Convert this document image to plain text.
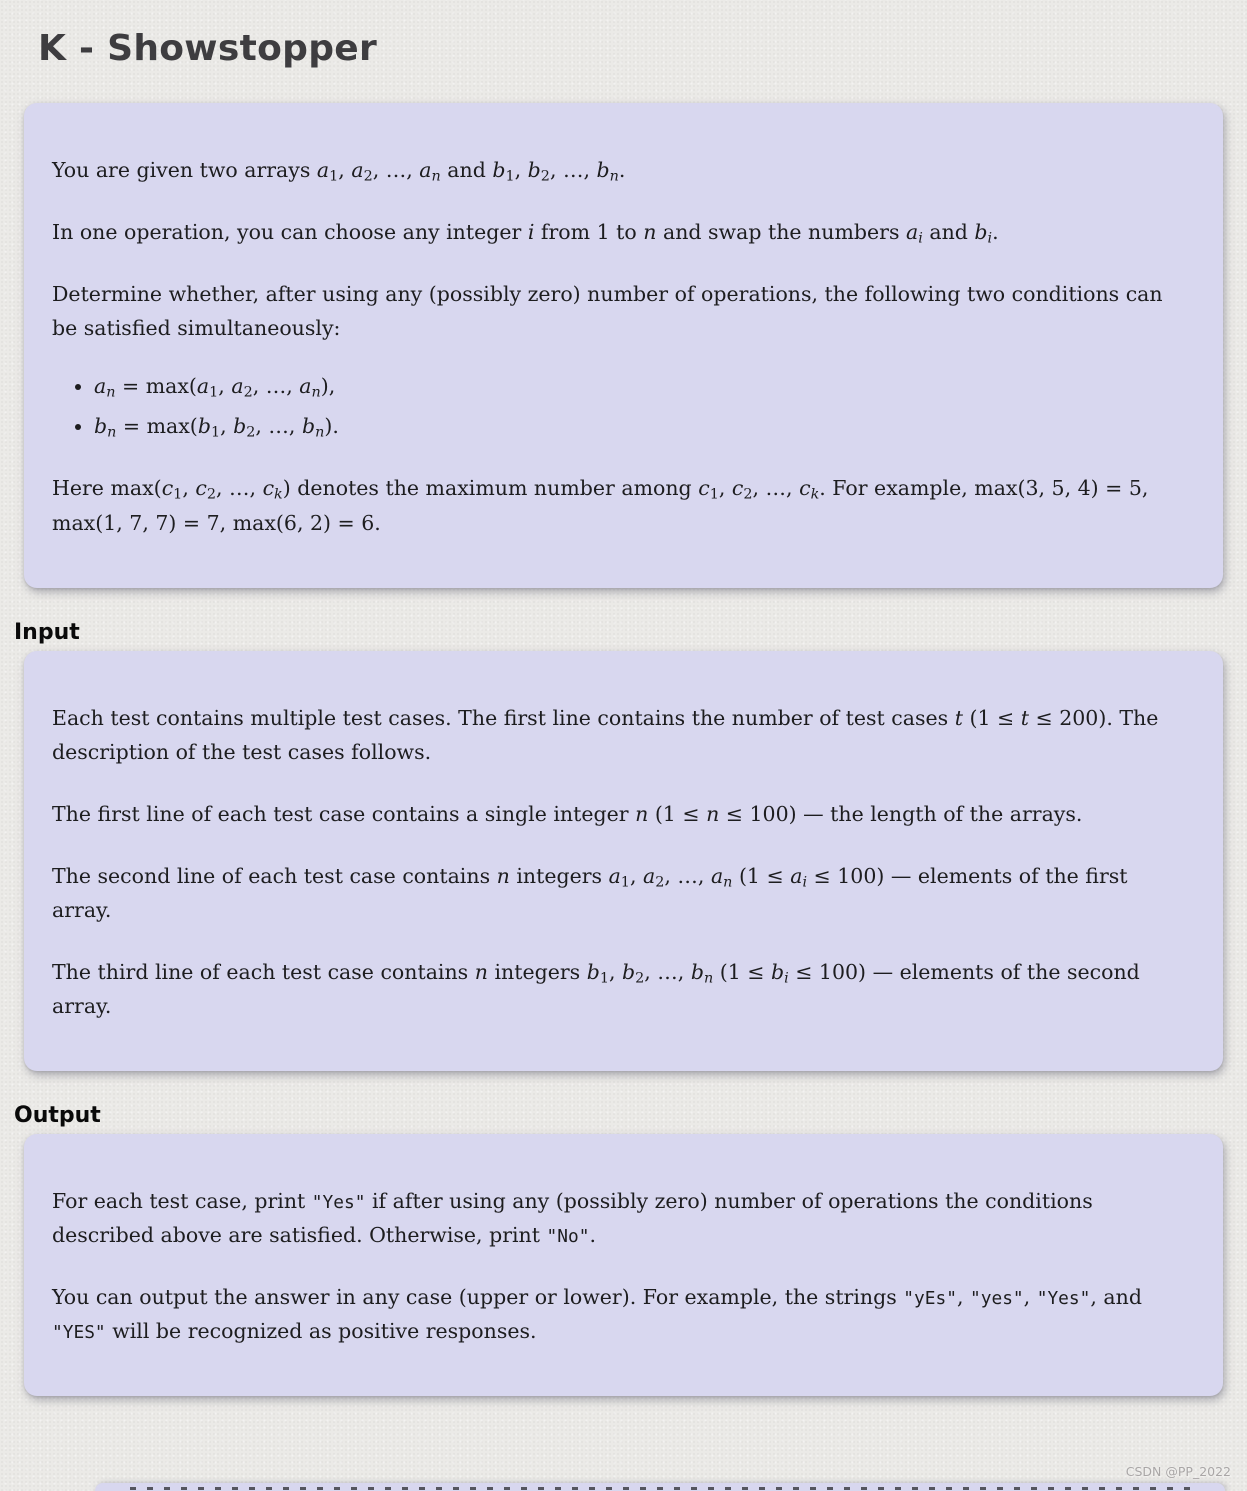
K - Showstopper

You are given two arrays a1, a2, …, an and b1, b2, …, bn.

In one operation, you can choose any integer i from 1 to n and swap the numbers ai and bi.

Determine whether, after using any (possibly zero) number of operations, the following two conditions can be satisfied simultaneously:

• an = max(a1, a2, …, an),
• bn = max(b1, b2, …, bn).

Here max(c1, c2, …, ck) denotes the maximum number among c1, c2, …, ck. For example, max(3, 5, 4) = 5, max(1, 7, 7) = 7, max(6, 2) = 6.

Input

Each test contains multiple test cases. The first line contains the number of test cases t (1 ≤ t ≤ 200). The description of the test cases follows.

The first line of each test case contains a single integer n (1 ≤ n ≤ 100) — the length of the arrays.

The second line of each test case contains n integers a1, a2, …, an (1 ≤ ai ≤ 100) — elements of the first array.

The third line of each test case contains n integers b1, b2, …, bn (1 ≤ bi ≤ 100) — elements of the second array.

Output

For each test case, print "Yes" if after using any (possibly zero) number of operations the conditions described above are satisfied. Otherwise, print "No".

You can output the answer in any case (upper or lower). For example, the strings "yEs", "yes", "Yes", and "YES" will be recognized as positive responses.

CSDN @PP_2022
